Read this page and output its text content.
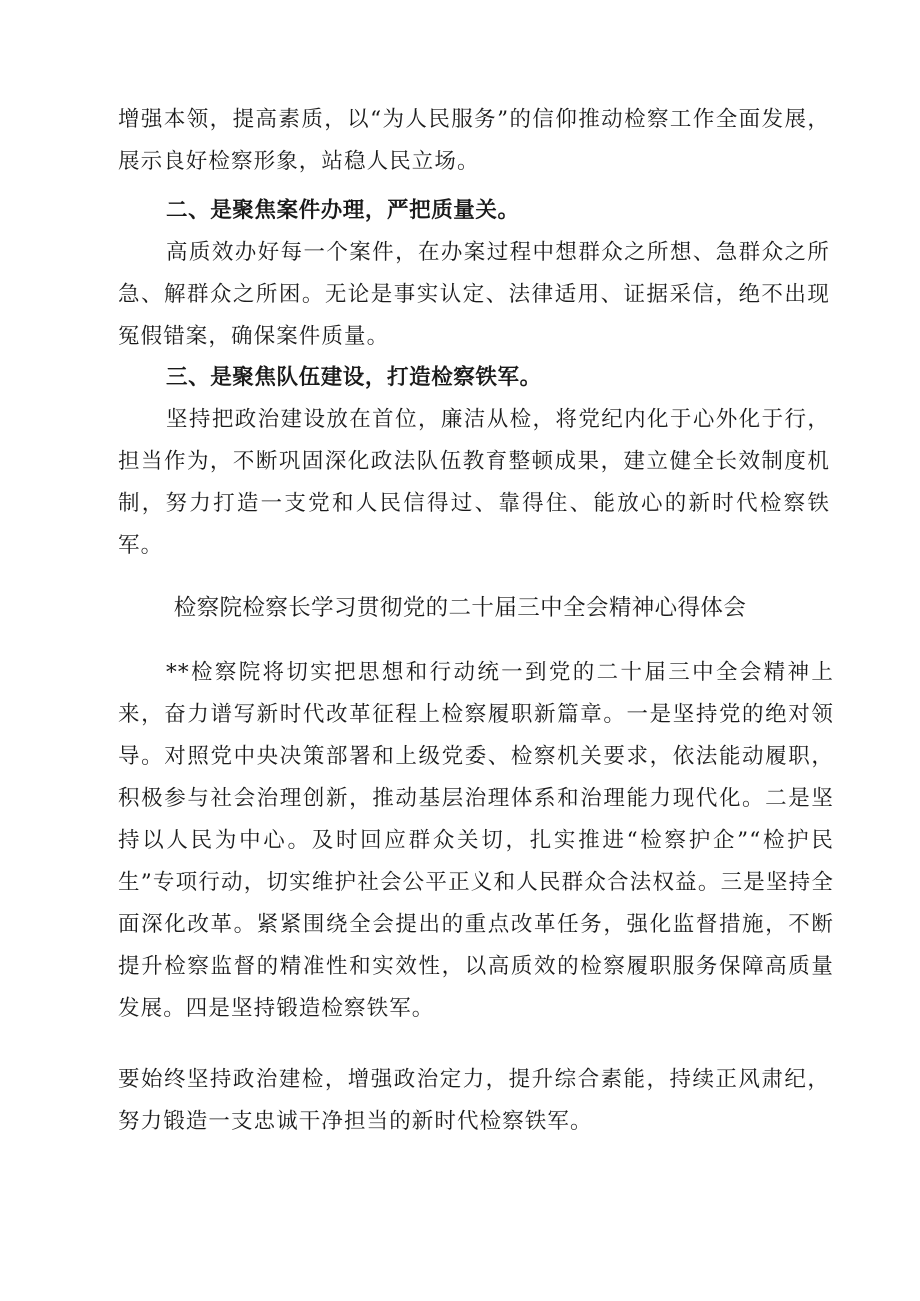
增强本领，提高素质，以“为人民服务”的信仰推动检察工作全面发展，展示良好检察形象，站稳人民立场。

二、是聚焦案件办理，严把质量关。

高质效办好每一个案件，在办案过程中想群众之所想、急群众之所急、解群众之所困。无论是事实认定、法律适用、证据采信，绝不出现冤假错案，确保案件质量。

三、是聚焦队伍建设，打造检察铁军。

坚持把政治建设放在首位，廉洁从检，将党纪内化于心外化于行，担当作为，不断巩固深化政法队伍教育整顿成果，建立健全长效制度机制，努力打造一支党和人民信得过、靠得住、能放心的新时代检察铁军。

检察院检察长学习贯彻党的二十届三中全会精神心得体会

**检察院将切实把思想和行动统一到党的二十届三中全会精神上来，奋力谱写新时代改革征程上检察履职新篇章。一是坚持党的绝对领导。对照党中央决策部署和上级党委、检察机关要求，依法能动履职，积极参与社会治理创新，推动基层治理体系和治理能力现代化。二是坚持以人民为中心。及时回应群众关切，扎实推进“检察护企”“检护民生”专项行动，切实维护社会公平正义和人民群众合法权益。三是坚持全面深化改革。紧紧围绕全会提出的重点改革任务，强化监督措施，不断提升检察监督的精准性和实效性，以高质效的检察履职服务保障高质量发展。四是坚持锻造检察铁军。

要始终坚持政治建检，增强政治定力，提升综合素能，持续正风肃纪，努力锻造一支忠诚干净担当的新时代检察铁军。
